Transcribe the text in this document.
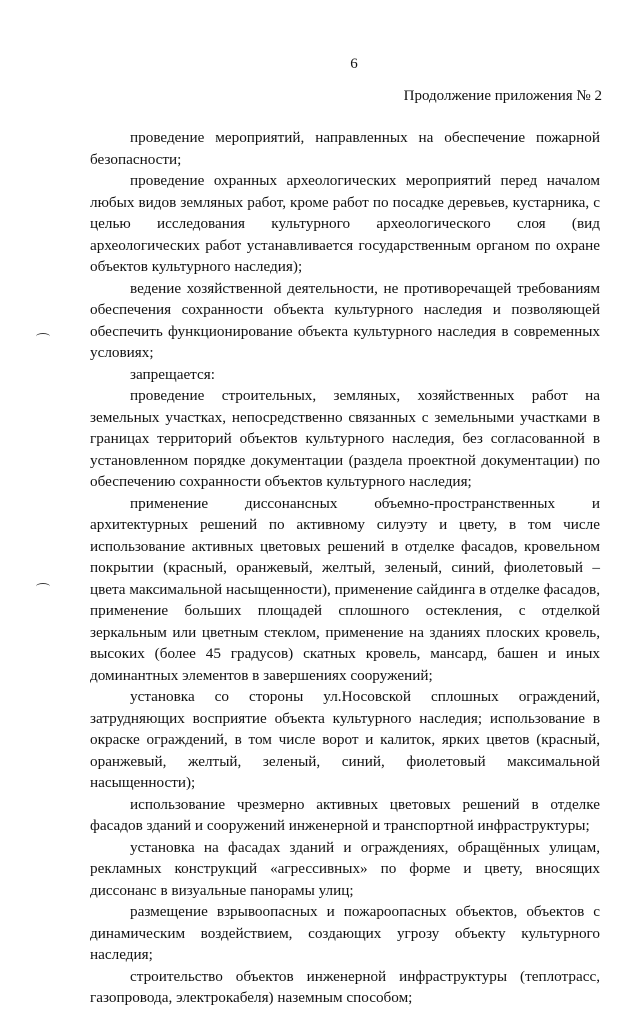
6
Продолжение приложения № 2

проведение мероприятий, направленных на обеспечение пожарной безопасности;

проведение охранных археологических мероприятий перед началом любых видов земляных работ, кроме работ по посадке деревьев, кустарника, с целью исследования культурного археологического слоя (вид археологических работ устанавливается государственным органом по охране объектов культурного наследия);

ведение хозяйственной деятельности, не противоречащей требованиям обеспечения сохранности объекта культурного наследия и позволяющей обеспечить функционирование объекта культурного наследия в современных условиях;

запрещается:

проведение строительных, земляных, хозяйственных работ на земельных участках, непосредственно связанных с земельными участками в границах территорий объектов культурного наследия, без согласованной в установленном порядке документации (раздела проектной документации) по обеспечению сохранности объектов культурного наследия;

применение диссонансных объемно-пространственных и архитектурных решений по активному силуэту и цвету, в том числе использование активных цветовых решений в отделке фасадов, кровельном покрытии (красный, оранжевый, желтый, зеленый, синий, фиолетовый – цвета максимальной насыщенности), применение сайдинга в отделке фасадов, применение больших площадей сплошного остекления, с отделкой зеркальным или цветным стеклом, применение на зданиях плоских кровель, высоких (более 45 градусов) скатных кровель, мансард, башен и иных доминантных элементов в завершениях сооружений;

установка со стороны ул.Носовской сплошных ограждений, затрудняющих восприятие объекта культурного наследия; использование в окраске ограждений, в том числе ворот и калиток, ярких цветов (красный, оранжевый, желтый, зеленый, синий, фиолетовый максимальной насыщенности);

использование чрезмерно активных цветовых решений в отделке фасадов зданий и сооружений инженерной и транспортной инфраструктуры;

установка на фасадах зданий и ограждениях, обращённых улицам, рекламных конструкций «агрессивных» по форме и цвету, вносящих диссонанс в визуальные панорамы улиц;

размещение взрывоопасных и пожароопасных объектов, объектов с динамическим воздействием, создающих угрозу объекту культурного наследия;

строительство объектов инженерной инфраструктуры (теплотрасс, газопровода, электрокабеля) наземным способом;
